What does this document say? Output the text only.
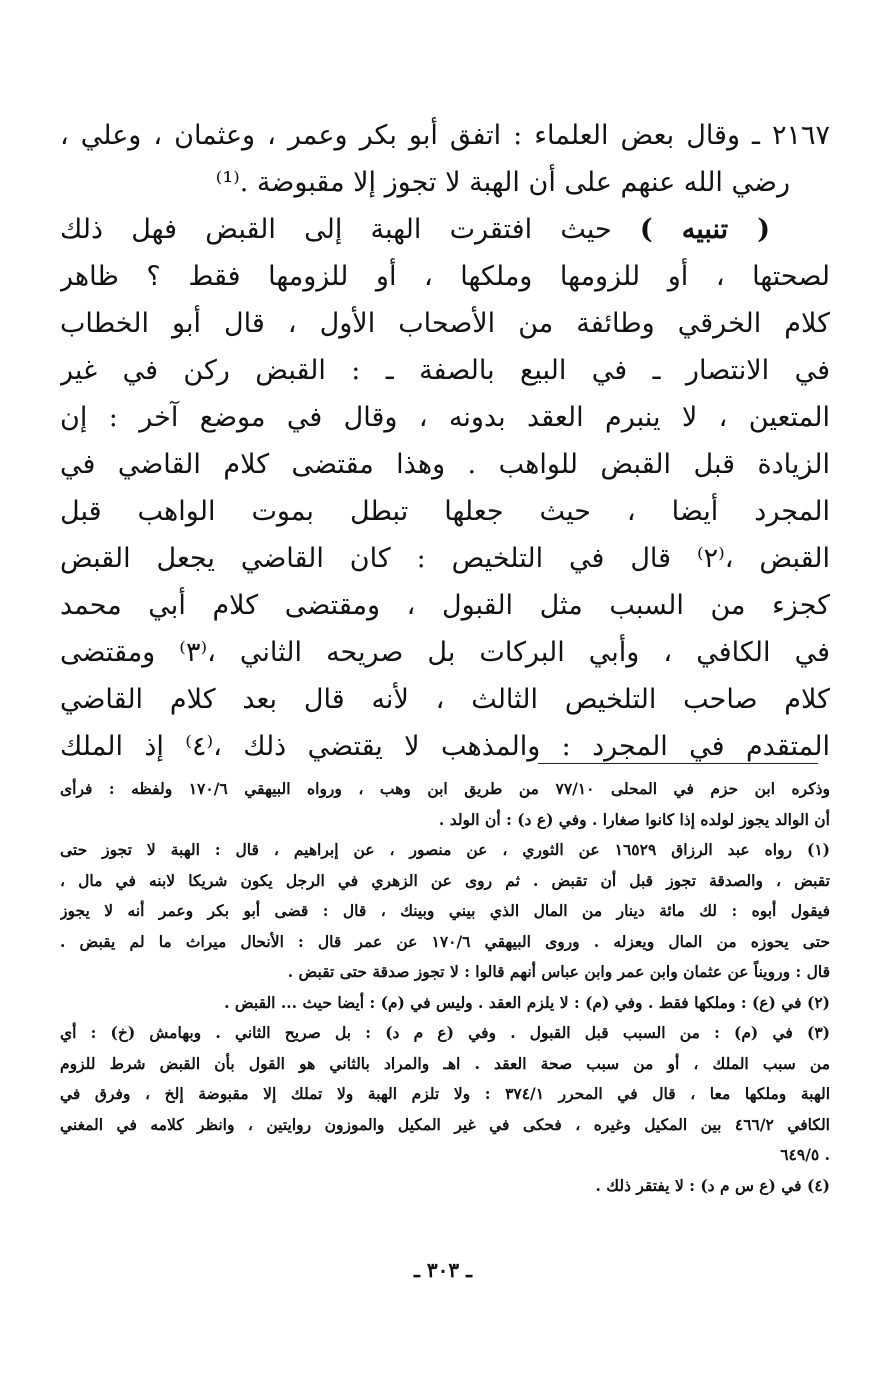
٢١٦٧ ـ وقال بعض العلماء : اتفق أبو بكر وعمر ، وعثمان ، وعلي ،
رضي الله عنهم على أن الهبة لا تجوز إلا مقبوضة .⁽¹⁾
( تنبيه ) حيث افتقرت الهبة إلى القبض فهل ذلك
لصحتها ، أو للزومها وملكها ، أو للزومها فقط ؟ ظاهر
كلام الخرقي وطائفة من الأصحاب الأول ، قال أبو الخطاب
في الانتصار ـ في البيع بالصفة ـ : القبض ركن في غير
المتعين ، لا ينبرم العقد بدونه ، وقال في موضع آخر : إن
الزيادة قبل القبض للواهب . وهذا مقتضى كلام القاضي في
المجرد أيضا ، حيث جعلها تبطل بموت الواهب قبل
القبض ،⁽٢⁾ قال في التلخيص : كان القاضي يجعل القبض
كجزء من السبب مثل القبول ، ومقتضى كلام أبي محمد
في الكافي ، وأبي البركات بل صريحه الثاني ،⁽٣⁾ ومقتضى
كلام صاحب التلخيص الثالث ، لأنه قال بعد كلام القاضي
المتقدم في المجرد : والمذهب لا يقتضي ذلك ،⁽٤⁾ إذ الملك
وذكره ابن حزم في المحلى ٧٧/١٠ من طريق ابن وهب ، ورواه البيهقي ١٧٠/٦ ولفظه : فرأى
أن الوالد يجوز لولده إذا كانوا صغارا . وفي (ع د) : أن الولد .
(١) رواه عبد الرزاق ١٦٥٢٩ عن الثوري ، عن منصور ، عن إبراهيم ، قال : الهبة لا تجوز حتى
تقبض ، والصدقة تجوز قبل أن تقبض . ثم روى عن الزهري في الرجل يكون شريكا لابنه في مال ،
فيقول أبوه : لك مائة دينار من المال الذي بيني وبينك ، قال : قضى أبو بكر وعمر أنه لا يجوز
حتى يحوزه من المال ويعزله . وروى البيهقي ١٧٠/٦ عن عمر قال : الأنحال ميراث ما لم يقبض .
قال : ورويناً عن عثمان وابن عمر وابن عباس أنهم قالوا : لا تجوز صدقة حتى تقبض .
(٢) في (ع) : وملكها فقط . وفي (م) : لا يلزم العقد . وليس في (م) : أيضا حيث ... القبض .
(٣) في (م) : من السبب قبل القبول . وفي (ع م د) : بل صريح الثاني . وبهامش (خ) : أي
من سبب الملك ، أو من سبب صحة العقد . اهـ والمراد بالثاني هو القول بأن القبض شرط للزوم
الهبة وملكها معا ، قال في المحرر ٣٧٤/١ : ولا تلزم الهبة ولا تملك إلا مقبوضة إلخ ، وفرق في
الكافي ٤٦٦/٢ بين المكيل وغيره ، فحكى في غير المكيل والموزون روايتين ، وانظر كلامه في المغني
. ٦٤٩/٥
(٤) في (ع س م د) : لا يفتقر ذلك .
ـ ٣٠٣ ـ
